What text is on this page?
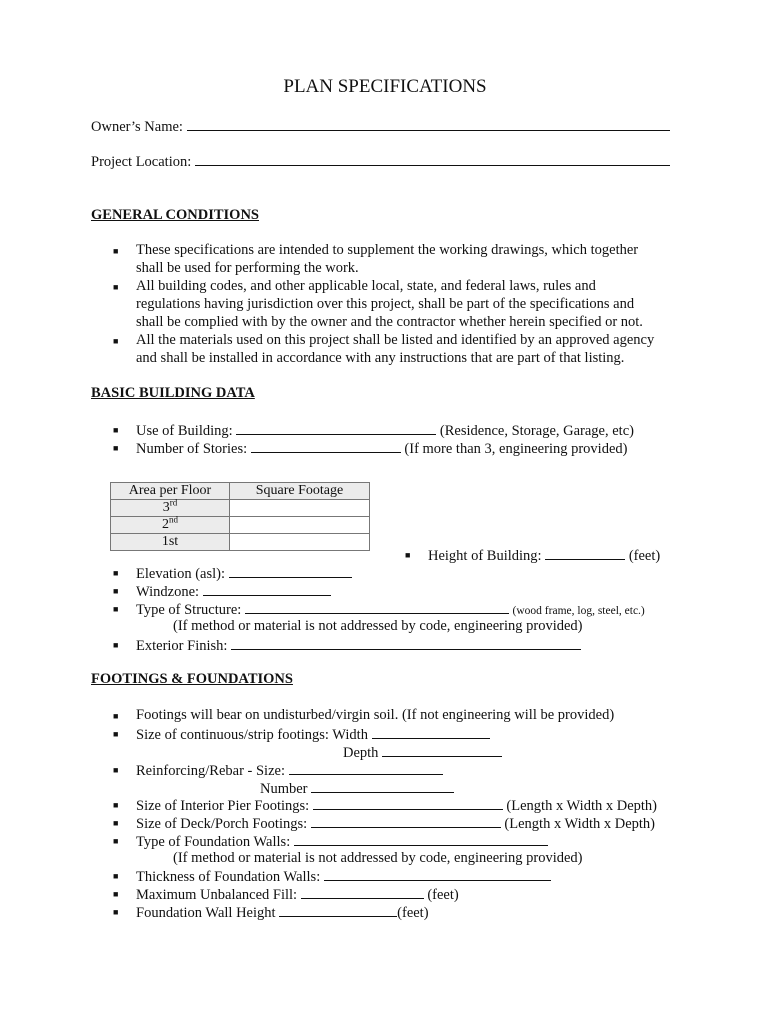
PLAN SPECIFICATIONS
Owner’s Name:
Project Location:
GENERAL CONDITIONS
■ These specifications are intended to supplement the working drawings, which together
shall be used for performing the work.
■ All building codes, and other applicable local, state, and federal laws, rules and
regulations having jurisdiction over this project, shall be part of the specifications and
shall be complied with by the owner and the contractor whether herein specified or not.
■ All the materials used on this project shall be listed and identified by an approved agency
and shall be installed in accordance with any instructions that are part of that listing.
BASIC BUILDING DATA
■ Use of Building:	(Residence, Storage, Garage, etc)
■ Number of Stories:	(If more than 3, engineering provided)
Area per Floor	Square Footage
3rd	
2nd	
1st	
■ Height of Building:	(feet)
■ Elevation (asl):
■ Windzone:
■ Type of Structure:	(wood frame, log, steel, etc.)
(If method or material is not addressed by code, engineering provided)
■ Exterior Finish:
FOOTINGS & FOUNDATIONS
■ Footings will bear on undisturbed/virgin soil. (If not engineering will be provided)
■ Size of continuous/strip footings: Width
Depth
■ Reinforcing/Rebar - Size:
Number
■ Size of Interior Pier Footings:	(Length x Width x Depth)
■ Size of Deck/Porch Footings:	(Length x Width x Depth)
■ Type of Foundation Walls:
(If method or material is not addressed by code, engineering provided)
■ Thickness of Foundation Walls:
■ Maximum Unbalanced Fill:	(feet)
■ Foundation Wall Height	(feet)
